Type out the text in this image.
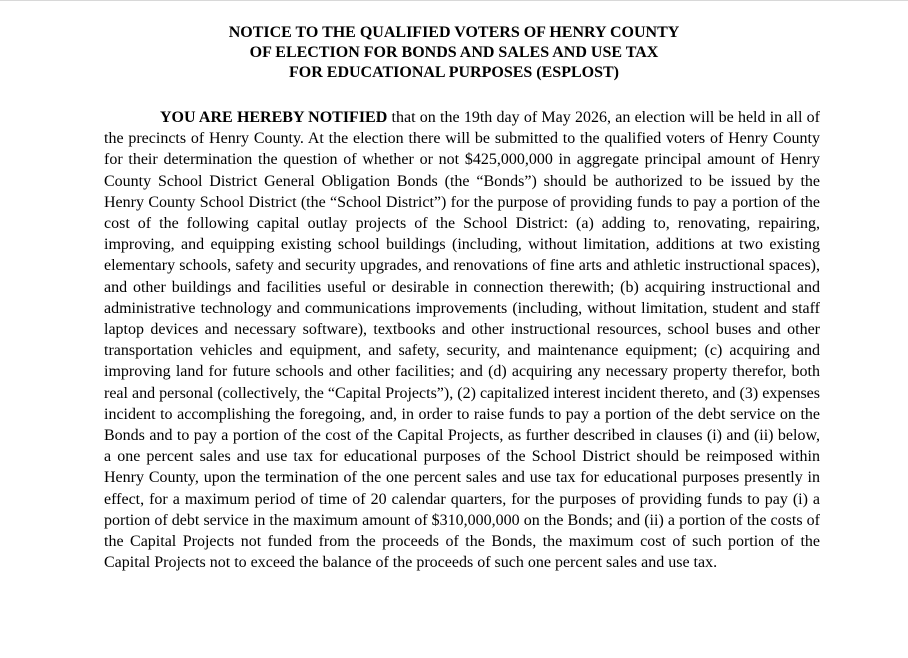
NOTICE TO THE QUALIFIED VOTERS OF HENRY COUNTY
OF ELECTION FOR BONDS AND SALES AND USE TAX
FOR EDUCATIONAL PURPOSES (ESPLOST)

YOU ARE HEREBY NOTIFIED that on the 19th day of May 2026, an election will be held in all of the precincts of Henry County. At the election there will be submitted to the qualified voters of Henry County for their determination the question of whether or not $425,000,000 in aggregate principal amount of Henry County School District General Obligation Bonds (the “Bonds”) should be authorized to be issued by the Henry County School District (the “School District”) for the purpose of providing funds to pay a portion of the cost of the following capital outlay projects of the School District: (a) adding to, renovating, repairing, improving, and equipping existing school buildings (including, without limitation, additions at two existing elementary schools, safety and security upgrades, and renovations of fine arts and athletic instructional spaces), and other buildings and facilities useful or desirable in connection therewith; (b) acquiring instructional and administrative technology and communications improvements (including, without limitation, student and staff laptop devices and necessary software), textbooks and other instructional resources, school buses and other transportation vehicles and equipment, and safety, security, and maintenance equipment; (c) acquiring and improving land for future schools and other facilities; and (d) acquiring any necessary property therefor, both real and personal (collectively, the “Capital Projects”), (2) capitalized interest incident thereto, and (3) expenses incident to accomplishing the foregoing, and, in order to raise funds to pay a portion of the debt service on the Bonds and to pay a portion of the cost of the Capital Projects, as further described in clauses (i) and (ii) below, a one percent sales and use tax for educational purposes of the School District should be reimposed within Henry County, upon the termination of the one percent sales and use tax for educational purposes presently in effect, for a maximum period of time of 20 calendar quarters, for the purposes of providing funds to pay (i) a portion of debt service in the maximum amount of $310,000,000 on the Bonds; and (ii) a portion of the costs of the Capital Projects not funded from the proceeds of the Bonds, the maximum cost of such portion of the Capital Projects not to exceed the balance of the proceeds of such one percent sales and use tax.
